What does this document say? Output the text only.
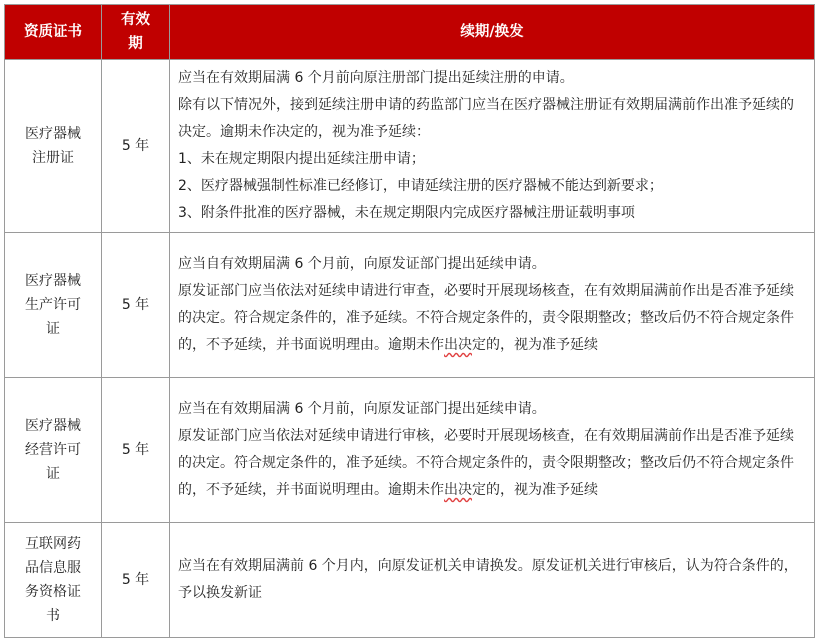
资质证书	有效期	续期/换发
医疗器械注册证	5 年	应当在有效期届满 6 个月前向原注册部门提出延续注册的申请。
除有以下情况外，接到延续注册申请的药监部门应当在医疗器械注册证有效期届满前作出准予延续的决定。逾期未作决定的，视为准予延续：
1、未在规定期限内提出延续注册申请；
2、医疗器械强制性标准已经修订，申请延续注册的医疗器械不能达到新要求；
3、附条件批准的医疗器械，未在规定期限内完成医疗器械注册证载明事项

医疗器械生产许可证	5 年	应当自有效期届满 6 个月前，向原发证部门提出延续申请。
原发证部门应当依法对延续申请进行审查，必要时开展现场核查，在有效期届满前作出是否准予延续的决定。符合规定条件的，准予延续。不符合规定条件的，责令限期整改；整改后仍不符合规定条件的，不予延续，并书面说明理由。逾期未作出决定的，视为准予延续

医疗器械经营许可证	5 年	应当在有效期届满 6 个月前，向原发证部门提出延续申请。
原发证部门应当依法对延续申请进行审核，必要时开展现场核查，在有效期届满前作出是否准予延续的决定。符合规定条件的，准予延续。不符合规定条件的，责令限期整改；整改后仍不符合规定条件的，不予延续，并书面说明理由。逾期未作出决定的，视为准予延续

互联网药品信息服务资格证书	5 年	应当在有效期届满前 6 个月内，向原发证机关申请换发。原发证机关进行审核后，认为符合条件的，予以换发新证
